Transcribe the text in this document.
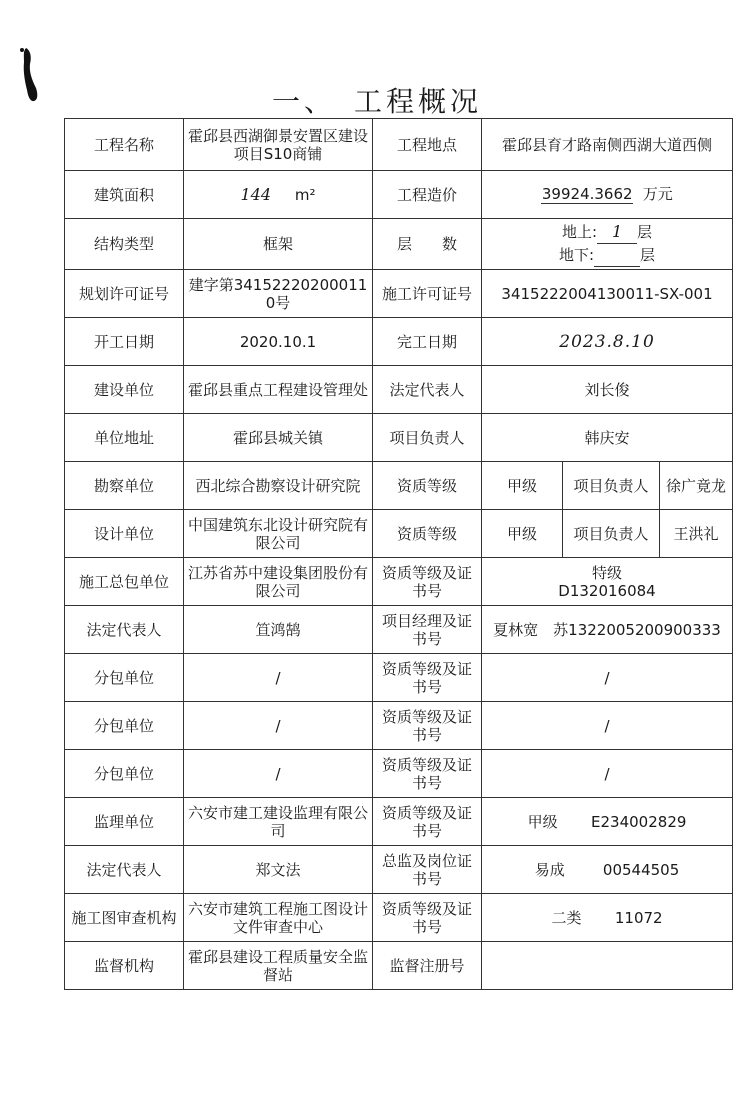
一、　工程概况
工程名称	霍邱县西湖御景安置区建设项目S10商铺	工程地点	霍邱县育才路南侧西湖大道西侧		
建筑面积	144 m²	工程造价	39924.3662 万元		
结构类型	框架	层　　数	地上: 1 层
地下: 层		

规划许可证号	建字第341522202000110号	施工许可证号	3415222004130011-SX-001		
开工日期	2020.10.1	完工日期	2023.8.10		
建设单位	霍邱县重点工程建设管理处	法定代表人	刘长俊		
单位地址	霍邱县城关镇	项目负责人	韩庆安		
勘察单位	西北综合勘察设计研究院	资质等级	甲级	项目负责人	徐广竟龙
设计单位	中国建筑东北设计研究院有限公司	资质等级	甲级	项目负责人	王洪礼
施工总包单位	江苏省苏中建设集团股份有限公司	资质等级及证书号	特级
D132016084		

法定代表人	笪鸿鹄	项目经理及证书号	夏林宽　苏1322005200900333		
分包单位	/	资质等级及证书号	/		
分包单位	/	资质等级及证书号	/		
分包单位	/	资质等级及证书号	/		
监理单位	六安市建工建设监理有限公司	资质等级及证书号	甲级 E234002829		
法定代表人	郑文法	总监及岗位证书号	易成 00544505		
施工图审查机构	六安市建筑工程施工图设计文件审查中心	资质等级及证书号	二类 11072		
监督机构	霍邱县建设工程质量安全监督站	监督注册号			
